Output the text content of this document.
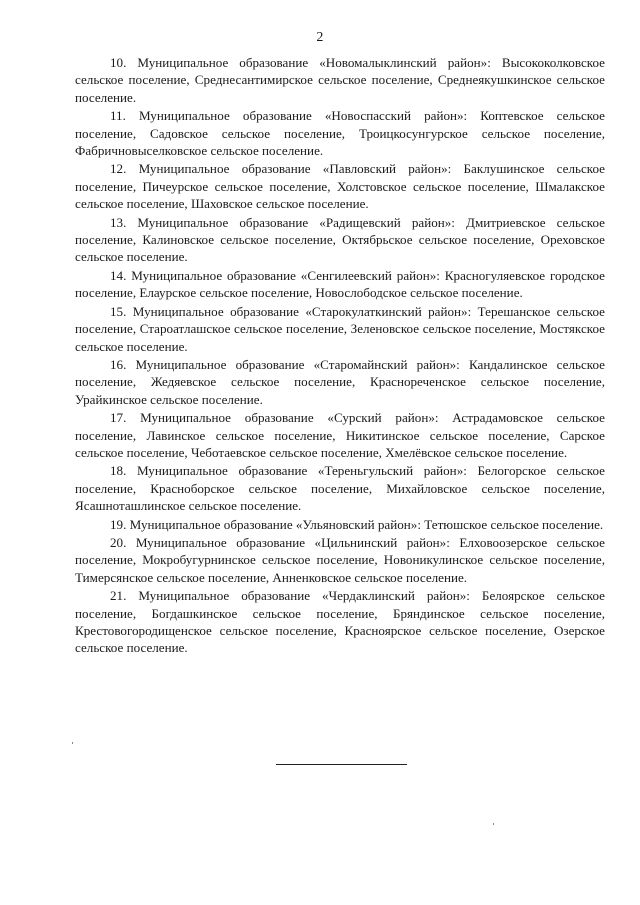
2

10. Муниципальное образование «Новомалыклинский район»: Высококолковское сельское поселение, Среднесантимирское сельское поселение, Среднеякушкинское сельское поселение.

11. Муниципальное образование «Новоспасский район»: Коптевское сельское поселение, Садовское сельское поселение, Троицкосунгурское сельское поселение, Фабричновыселковское сельское поселение.

12. Муниципальное образование «Павловский район»: Баклушинское сельское поселение, Пичеурское сельское поселение, Холстовское сельское поселение, Шмалакское сельское поселение, Шаховское сельское поселение.

13. Муниципальное образование «Радищевский район»: Дмитриевское сельское поселение, Калиновское сельское поселение, Октябрьское сельское поселение, Ореховское сельское поселение.

14. Муниципальное образование «Сенгилеевский район»: Красногуляевское городское поселение, Елаурское сельское поселение, Новослободское сельское поселение.

15. Муниципальное образование «Старокулаткинский район»: Терешанское сельское поселение, Староатлашское сельское поселение, Зеленовское сельское поселение, Мостякское сельское поселение.

16. Муниципальное образование «Старомайнский район»: Кандалинское сельское поселение, Жедяевское сельское поселение, Краснореченское сельское поселение, Урайкинское сельское поселение.

17. Муниципальное образование «Сурский район»: Астрадамовское сельское поселение, Лавинское сельское поселение, Никитинское сельское поселение, Сарское сельское поселение, Чеботаевское сельское поселение, Хмелёвское сельское поселение.

18. Муниципальное образование «Тереньгульский район»: Белогорское сельское поселение, Красноборское сельское поселение, Михайловское сельское поселение, Ясашноташлинское сельское поселение.

19. Муниципальное образование «Ульяновский район»: Тетюшское сельское поселение.

20. Муниципальное образование «Цильнинский район»: Елховоозерское сельское поселение, Мокробугурнинское сельское поселение, Новоникулинское сельское поселение, Тимерсянское сельское поселение, Анненковское сельское поселение.

21. Муниципальное образование «Чердаклинский район»: Белоярское сельское поселение, Богдашкинское сельское поселение, Бряндинское сельское поселение, Крестовогородищенское сельское поселение, Красноярское сельское поселение, Озерское сельское поселение.
